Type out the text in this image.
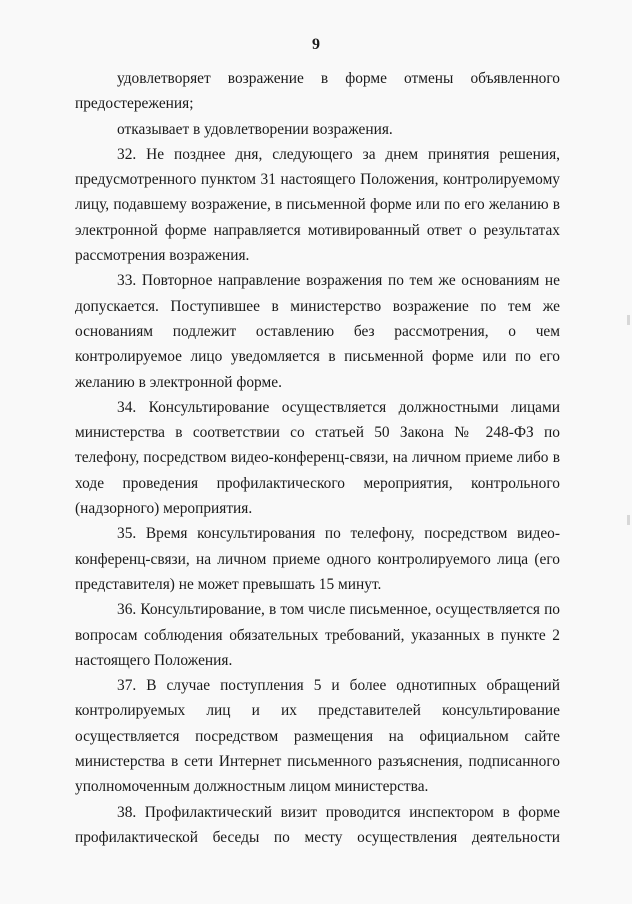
9

удовлетворяет возражение в форме отмены объявленного предостережения;

отказывает в удовлетворении возражения.

32. Не позднее дня, следующего за днем принятия решения, предусмотренного пунктом 31 настоящего Положения, контролируемому лицу, подавшему возражение, в письменной форме или по его желанию в электронной форме направляется мотивированный ответ о результатах рассмотрения возражения.

33. Повторное направление возражения по тем же основаниям не допускается. Поступившее в министерство возражение по тем же основаниям подлежит оставлению без рассмотрения, о чем контролируемое лицо уведомляется в письменной форме или по его желанию в электронной форме.

34. Консультирование осуществляется должностными лицами министерства в соответствии со статьей 50 Закона № 248-ФЗ по телефону, посредством видео-конференц-связи, на личном приеме либо в ходе проведения профилактического мероприятия, контрольного (надзорного) мероприятия.

35. Время консультирования по телефону, посредством видео-конференц-связи, на личном приеме одного контролируемого лица (его представителя) не может превышать 15 минут.

36. Консультирование, в том числе письменное, осуществляется по вопросам соблюдения обязательных требований, указанных в пункте 2 настоящего Положения.

37. В случае поступления 5 и более однотипных обращений контролируемых лиц и их представителей консультирование осуществляется посредством размещения на официальном сайте министерства в сети Интернет письменного разъяснения, подписанного уполномоченным должностным лицом министерства.

38. Профилактический визит проводится инспектором в форме профилактической беседы по месту осуществления деятельности
